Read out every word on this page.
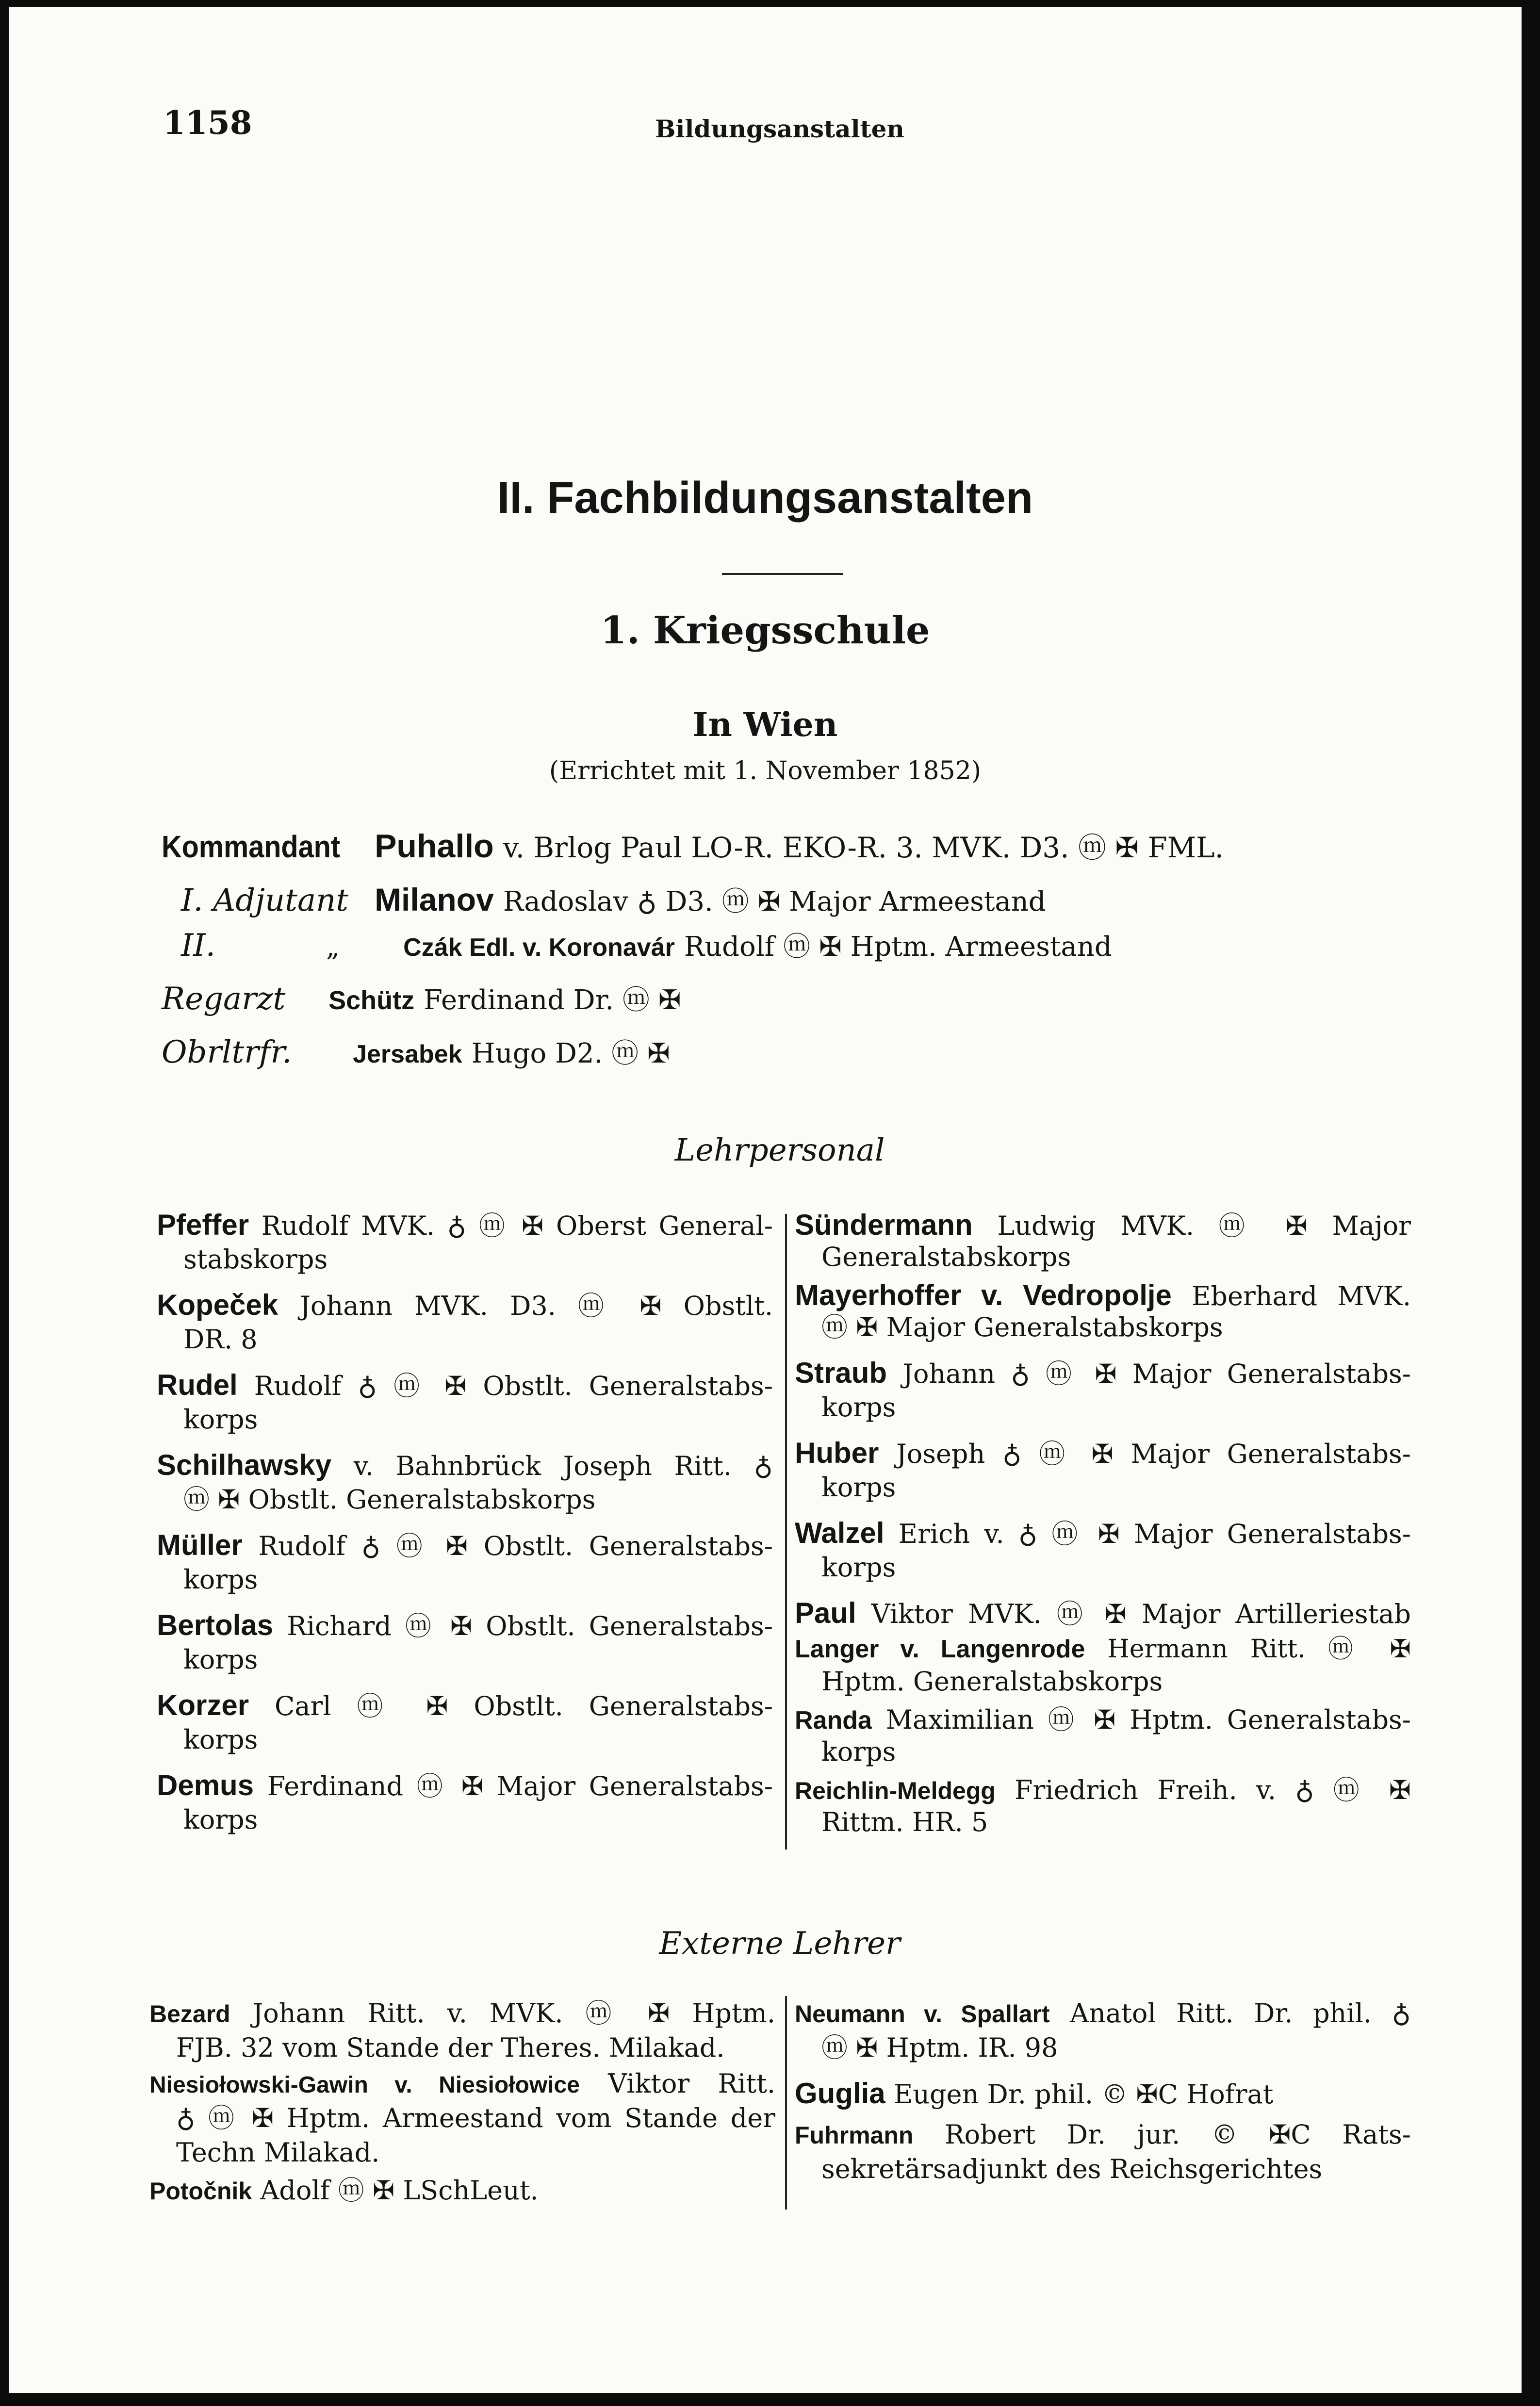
1158	Bildungsanstalten
II. Fachbildungsanstalten
1. Kriegsschule
In Wien
(Errichtet mit 1. November 1852)
Kommandant Puhallo v. Brlog Paul LO-R. EKO-R. 3. MVK. D3. ⓜ ✠ FML.
I. Adjutant Milanov Radoslav ♁ D3. ⓜ ✠ Major Armeestand
II.	„	Czák Edl. v. Koronavár Rudolf ⓜ ✠ Hptm. Armeestand
Regarzt Schütz Ferdinand Dr. ⓜ ✠
Obrltrfr. Jersabek Hugo D2. ⓜ ✠
Lehrpersonal
Pfeffer Rudolf MVK. ♁ ⓜ ✠ Oberst General-
stabskorps
Kopeček Johann MVK. D3. ⓜ ✠ Obstlt.
DR. 8
Rudel Rudolf ♁ ⓜ ✠ Obstlt. Generalstabs-
korps
Schilhawsky v. Bahnbrück Joseph Ritt. ♁
ⓜ ✠ Obstlt. Generalstabskorps
Müller Rudolf ♁ ⓜ ✠ Obstlt. Generalstabs-
korps
Bertolas Richard ⓜ ✠ Obstlt. Generalstabs-
korps
Korzer Carl ⓜ ✠ Obstlt. Generalstabs-
korps
Demus Ferdinand ⓜ ✠ Major Generalstabs-
korps
Sündermann Ludwig MVK. ⓜ ✠ Major
Generalstabskorps
Mayerhoffer v. Vedropolje Eberhard MVK.
ⓜ ✠ Major Generalstabskorps
Straub Johann ♁ ⓜ ✠ Major Generalstabs-
korps
Huber Joseph ♁ ⓜ ✠ Major Generalstabs-
korps
Walzel Erich v. ♁ ⓜ ✠ Major Generalstabs-
korps
Paul Viktor MVK. ⓜ ✠ Major Artilleriestab
Langer v. Langenrode Hermann Ritt. ⓜ ✠
Hptm. Generalstabskorps
Randa Maximilian ⓜ ✠ Hptm. Generalstabs-
korps
Reichlin-Meldegg Friedrich Freih. v. ♁ ⓜ ✠
Rittm. HR. 5
Externe Lehrer
Bezard Johann Ritt. v. MVK. ⓜ ✠ Hptm.
FJB. 32 vom Stande der Theres. Milakad.
Niesiołowski-Gawin v. Niesiołowice Viktor Ritt.
♁ ⓜ ✠ Hptm. Armeestand vom Stande der
Techn Milakad.
Potočnik Adolf ⓜ ✠ LSchLeut.
Neumann v. Spallart Anatol Ritt. Dr. phil. ♁
ⓜ ✠ Hptm. IR. 98
Guglia Eugen Dr. phil. © ✠C Hofrat
Fuhrmann Robert Dr. jur. © ✠C Rats-
sekretärsadjunkt des Reichsgerichtes
